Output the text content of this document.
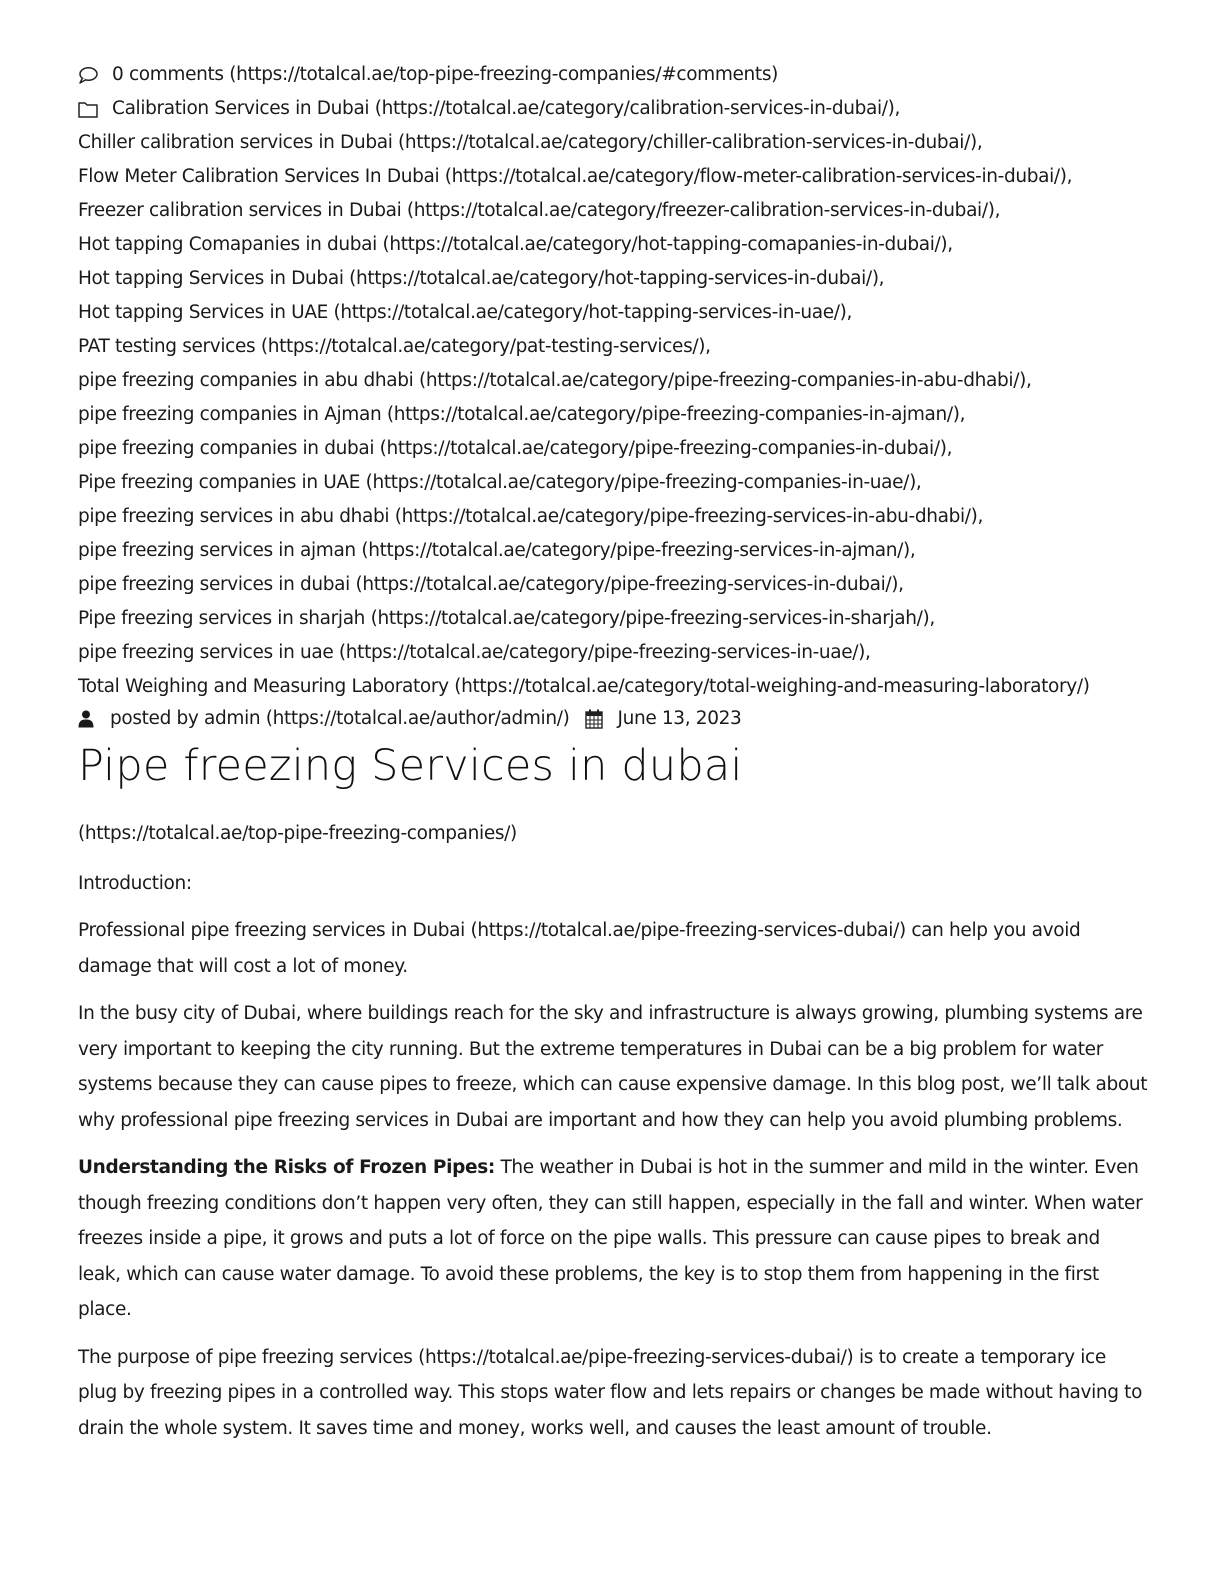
0 comments (https://totalcal.ae/top-pipe-freezing-companies/#comments)
Calibration Services in Dubai (https://totalcal.ae/category/calibration-services-in-dubai/),
Chiller calibration services in Dubai (https://totalcal.ae/category/chiller-calibration-services-in-dubai/),
Flow Meter Calibration Services In Dubai (https://totalcal.ae/category/flow-meter-calibration-services-in-dubai/),
Freezer calibration services in Dubai (https://totalcal.ae/category/freezer-calibration-services-in-dubai/),
Hot tapping Comapanies in dubai (https://totalcal.ae/category/hot-tapping-comapanies-in-dubai/),
Hot tapping Services in Dubai (https://totalcal.ae/category/hot-tapping-services-in-dubai/),
Hot tapping Services in UAE (https://totalcal.ae/category/hot-tapping-services-in-uae/),
PAT testing services (https://totalcal.ae/category/pat-testing-services/),
pipe freezing companies in abu dhabi (https://totalcal.ae/category/pipe-freezing-companies-in-abu-dhabi/),
pipe freezing companies in Ajman (https://totalcal.ae/category/pipe-freezing-companies-in-ajman/),
pipe freezing companies in dubai (https://totalcal.ae/category/pipe-freezing-companies-in-dubai/),
Pipe freezing companies in UAE (https://totalcal.ae/category/pipe-freezing-companies-in-uae/),
pipe freezing services in abu dhabi (https://totalcal.ae/category/pipe-freezing-services-in-abu-dhabi/),
pipe freezing services in ajman (https://totalcal.ae/category/pipe-freezing-services-in-ajman/),
pipe freezing services in dubai (https://totalcal.ae/category/pipe-freezing-services-in-dubai/),
Pipe freezing services in sharjah (https://totalcal.ae/category/pipe-freezing-services-in-sharjah/),
pipe freezing services in uae (https://totalcal.ae/category/pipe-freezing-services-in-uae/),
Total Weighing and Measuring Laboratory (https://totalcal.ae/category/total-weighing-and-measuring-laboratory/)
posted by admin (https://totalcal.ae/author/admin/)	June 13, 2023
Pipe freezing Services in dubai

(https://totalcal.ae/top-pipe-freezing-companies/)

Introduction:

Professional pipe freezing services in Dubai (https://totalcal.ae/pipe-freezing-services-dubai/) can help you avoid damage that will cost a lot of money.

In the busy city of Dubai, where buildings reach for the sky and infrastructure is always growing, plumbing systems are very important to keeping the city running. But the extreme temperatures in Dubai can be a big problem for water systems because they can cause pipes to freeze, which can cause expensive damage. In this blog post, we’ll talk about why professional pipe freezing services in Dubai are important and how they can help you avoid plumbing problems.

Understanding the Risks of Frozen Pipes: The weather in Dubai is hot in the summer and mild in the winter. Even though freezing conditions don’t happen very often, they can still happen, especially in the fall and winter. When water freezes inside a pipe, it grows and puts a lot of force on the pipe walls. This pressure can cause pipes to break and leak, which can cause water damage. To avoid these problems, the key is to stop them from happening in the first place.

The purpose of pipe freezing services (https://totalcal.ae/pipe-freezing-services-dubai/) is to create a temporary ice plug by freezing pipes in a controlled way. This stops water flow and lets repairs or changes be made without having to drain the whole system. It saves time and money, works well, and causes the least amount of trouble.
